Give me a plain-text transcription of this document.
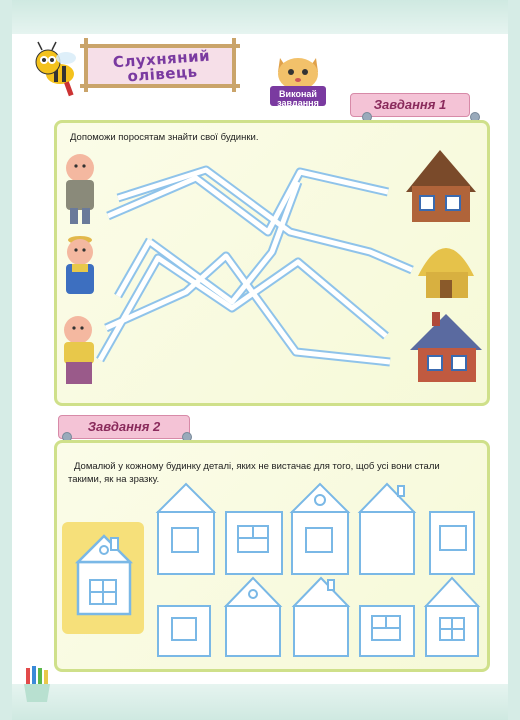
Слухняний олівець
Виконай завдання	Завдання 1
Допоможи поросятам знайти свої будинки.
Завдання 2
Домалюй у кожному будинку деталі, яких не вистачає для того, щоб усі вони стали такими, як на зразку.
